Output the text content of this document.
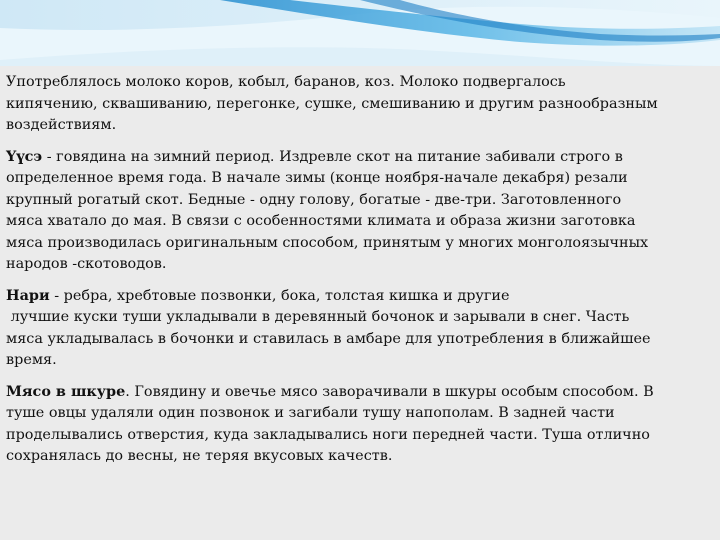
Употреблялось молоко коров, кобыл, баранов, коз. Молоко подвергалось
кипячению, сквашиванию, перегонке, сушке, смешиванию и другим разнообразным
воздействиям.

Үүсэ - говядина на зимний период. Издревле скот на питание забивали строго в
определенное время года. В начале зимы (конце ноября-начале декабря) резали
крупный рогатый скот. Бедные - одну голову, богатые - две-три. Заготовленного
мяса хватало до мая. В связи с особенностями климата и образа жизни заготовка
мяса производилась оригинальным способом, принятым у многих монголоязычных
народов -скотоводов.

Нари - ребра, хребтовые позвонки, бока, толстая кишка и другие
лучшие куски туши укладывали в деревянный бочонок и зарывали в снег. Часть
мяса укладывалась в бочонки и ставилась в амбаре для употребления в ближайшее
время.

Мясо в шкуре. Говядину и овечье мясо заворачивали в шкуры особым способом. В
туше овцы удаляли один позвонок и загибали тушу напополам. В задней части
проделывались отверстия, куда закладывались ноги передней части. Туша отлично
сохранялась до весны, не теряя вкусовых качеств.
